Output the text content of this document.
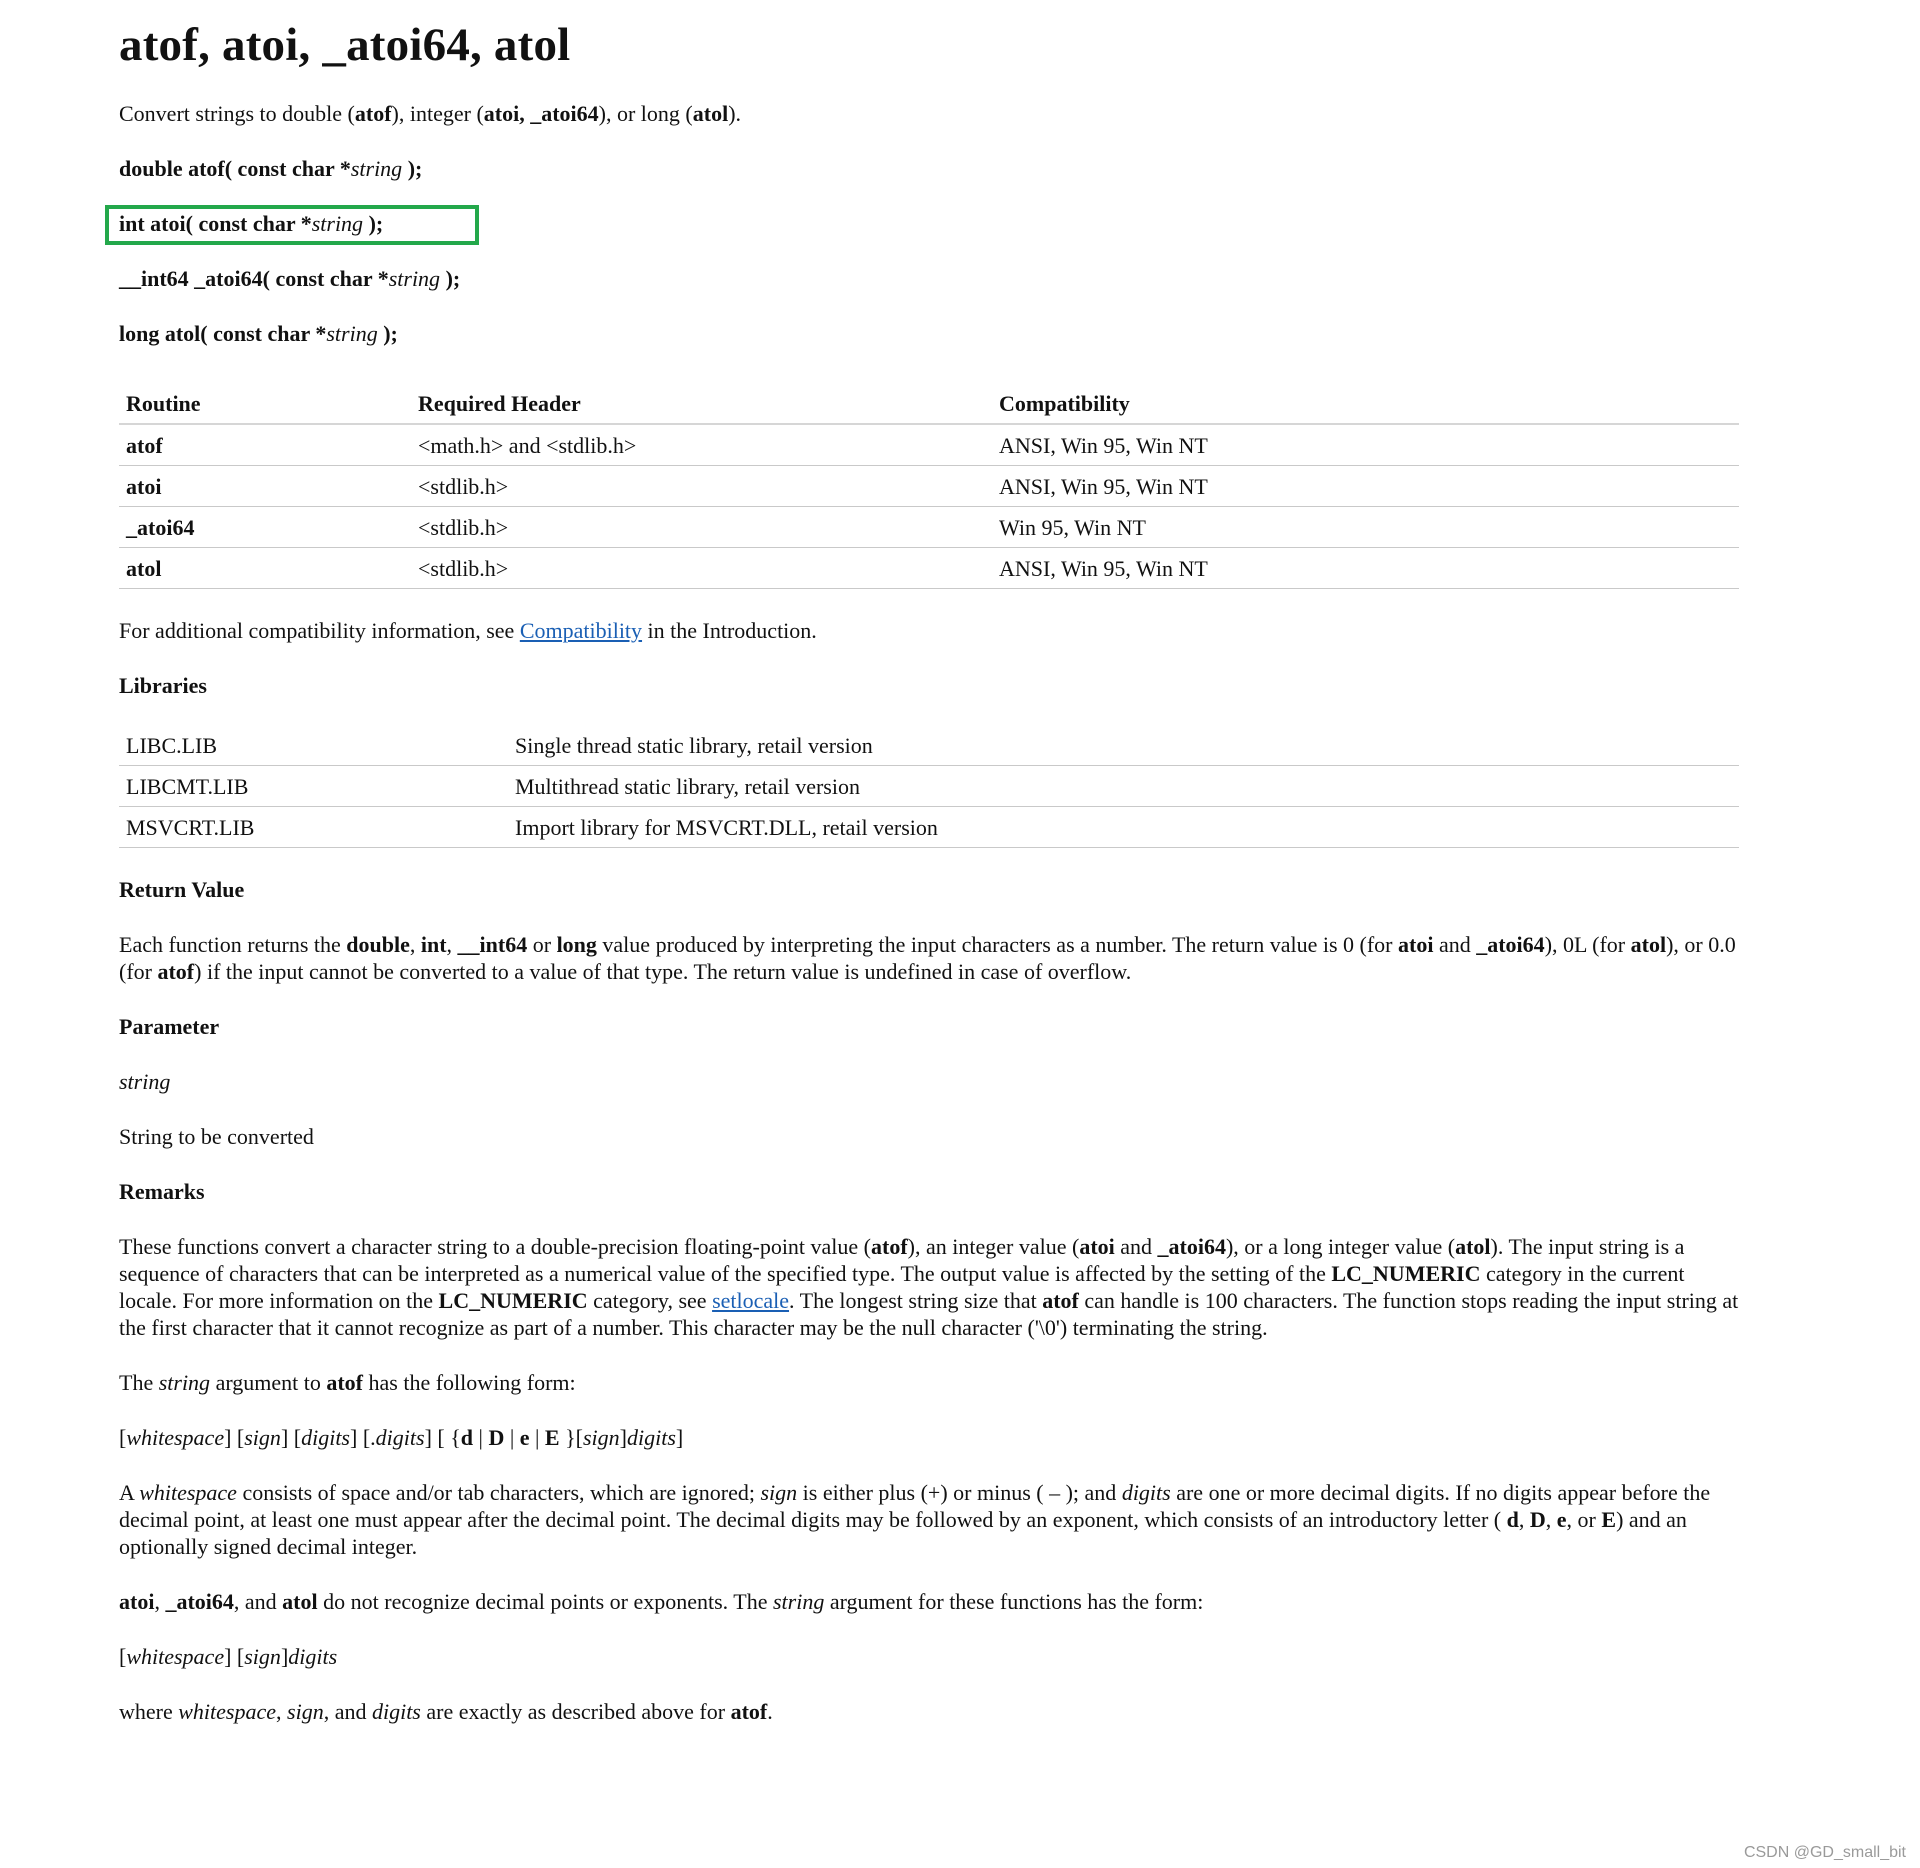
atof, atoi, _atoi64, atol

Convert strings to double (atof), integer (atoi, _atoi64), or long (atol).

double atof( const char *string );

int atoi( const char *string );

__int64 _atoi64( const char *string );

long atol( const char *string );

Routine	Required Header	Compatibility
atof	<math.h> and <stdlib.h>	ANSI, Win 95, Win NT
atoi	<stdlib.h>	ANSI, Win 95, Win NT
_atoi64	<stdlib.h>	Win 95, Win NT
atol	<stdlib.h>	ANSI, Win 95, Win NT

For additional compatibility information, see Compatibility in the Introduction.

Libraries

LIBC.LIB	Single thread static library, retail version
LIBCMT.LIB	Multithread static library, retail version
MSVCRT.LIB	Import library for MSVCRT.DLL, retail version

Return Value

Each function returns the double, int, __int64 or long value produced by interpreting the input characters as a number. The return value is 0 (for atoi and _atoi64), 0L (for atol), or 0.0 (for atof) if the input cannot be converted to a value of that type. The return value is undefined in case of overflow.

Parameter

string

String to be converted

Remarks

These functions convert a character string to a double-precision floating-point value (atof), an integer value (atoi and _atoi64), or a long integer value (atol). The input string is a sequence of characters that can be interpreted as a numerical value of the specified type. The output value is affected by the setting of the LC_NUMERIC category in the current locale. For more information on the LC_NUMERIC category, see setlocale. The longest string size that atof can handle is 100 characters. The function stops reading the input string at the first character that it cannot recognize as part of a number. This character may be the null character ('\0') terminating the string.

The string argument to atof has the following form:

[whitespace] [sign] [digits] [.digits] [ {d | D | e | E }[sign]digits]

A whitespace consists of space and/or tab characters, which are ignored; sign is either plus (+) or minus ( – ); and digits are one or more decimal digits. If no digits appear before the decimal point, at least one must appear after the decimal point. The decimal digits may be followed by an exponent, which consists of an introductory letter ( d, D, e, or E) and an optionally signed decimal integer.

atoi, _atoi64, and atol do not recognize decimal points or exponents. The string argument for these functions has the form:

[whitespace] [sign]digits

where whitespace, sign, and digits are exactly as described above for atof.

CSDN @GD_small_bit
